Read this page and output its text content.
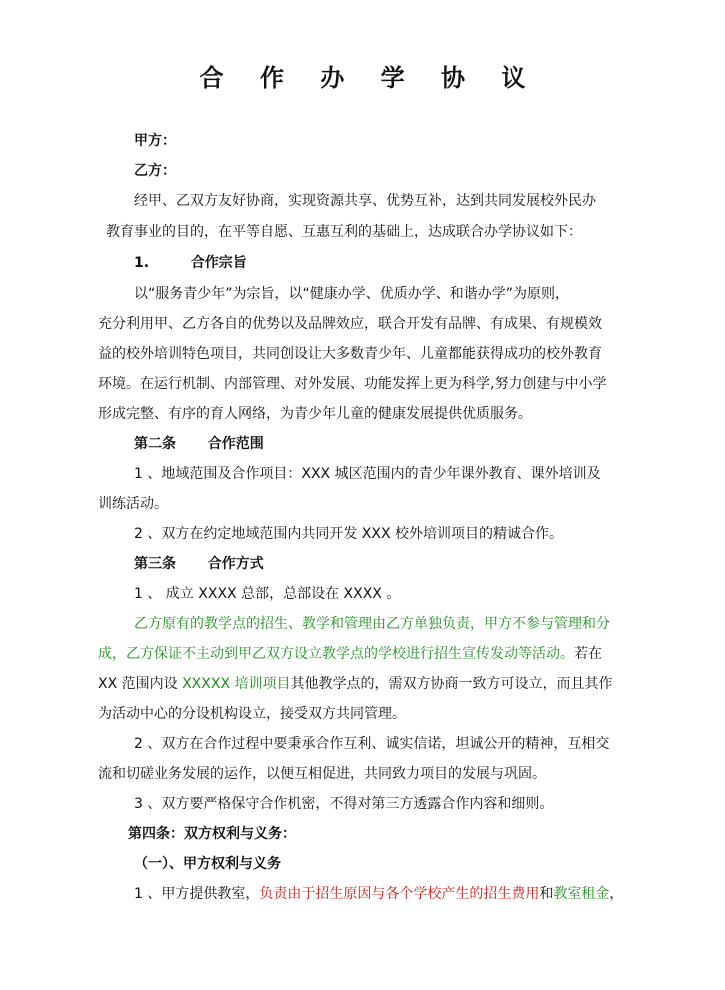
合 作 办 学 协 议
甲方：
乙方：
经甲、乙双方友好协商，实现资源共享、优势互补，达到共同发展校外民办
教育事业的目的，在平等自愿、互惠互利的基础上，达成联合办学协议如下：
1.	合作宗旨
以“服务青少年”为宗旨，以“健康办学、优质办学、和谐办学”为原则，
充分利用甲、乙方各自的优势以及品牌效应，联合开发有品牌、有成果、有规模效
益的校外培训特色项目，共同创设让大多数青少年、儿童都能获得成功的校外教育
环境。在运行机制、内部管理、对外发展、功能发挥上更为科学,努力创建与中小学
形成完整、有序的育人网络，为青少年儿童的健康发展提供优质服务。
第二条 合作范围
1 、地域范围及合作项目：XXX 城区范围内的青少年课外教育、课外培训及
训练活动。
2 、双方在约定地域范围内共同开发 XXX 校外培训项目的精诚合作。
第三条 合作方式
1 、 成立 XXXX 总部，总部设在 XXXX 。
乙方原有的教学点的招生、教学和管理由乙方单独负责，甲方不参与管理和分
成，乙方保证不主动到甲乙双方设立教学点的学校进行招生宣传发动等活动。若在
XX 范围内设 XXXXX 培训项目其他教学点的，需双方协商一致方可设立，而且其作
为活动中心的分设机构设立，接受双方共同管理。
2 、双方在合作过程中要秉承合作互利、诚实信诺，坦诚公开的精神，互相交
流和切磋业务发展的运作，以便互相促进，共同致力项目的发展与巩固。
3 、双方要严格保守合作机密，不得对第三方透露合作内容和细则。
第四条：双方权利与义务：
（一）、甲方权利与义务
1 、甲方提供教室，负责由于招生原因与各个学校产生的招生费用和教室租金，
